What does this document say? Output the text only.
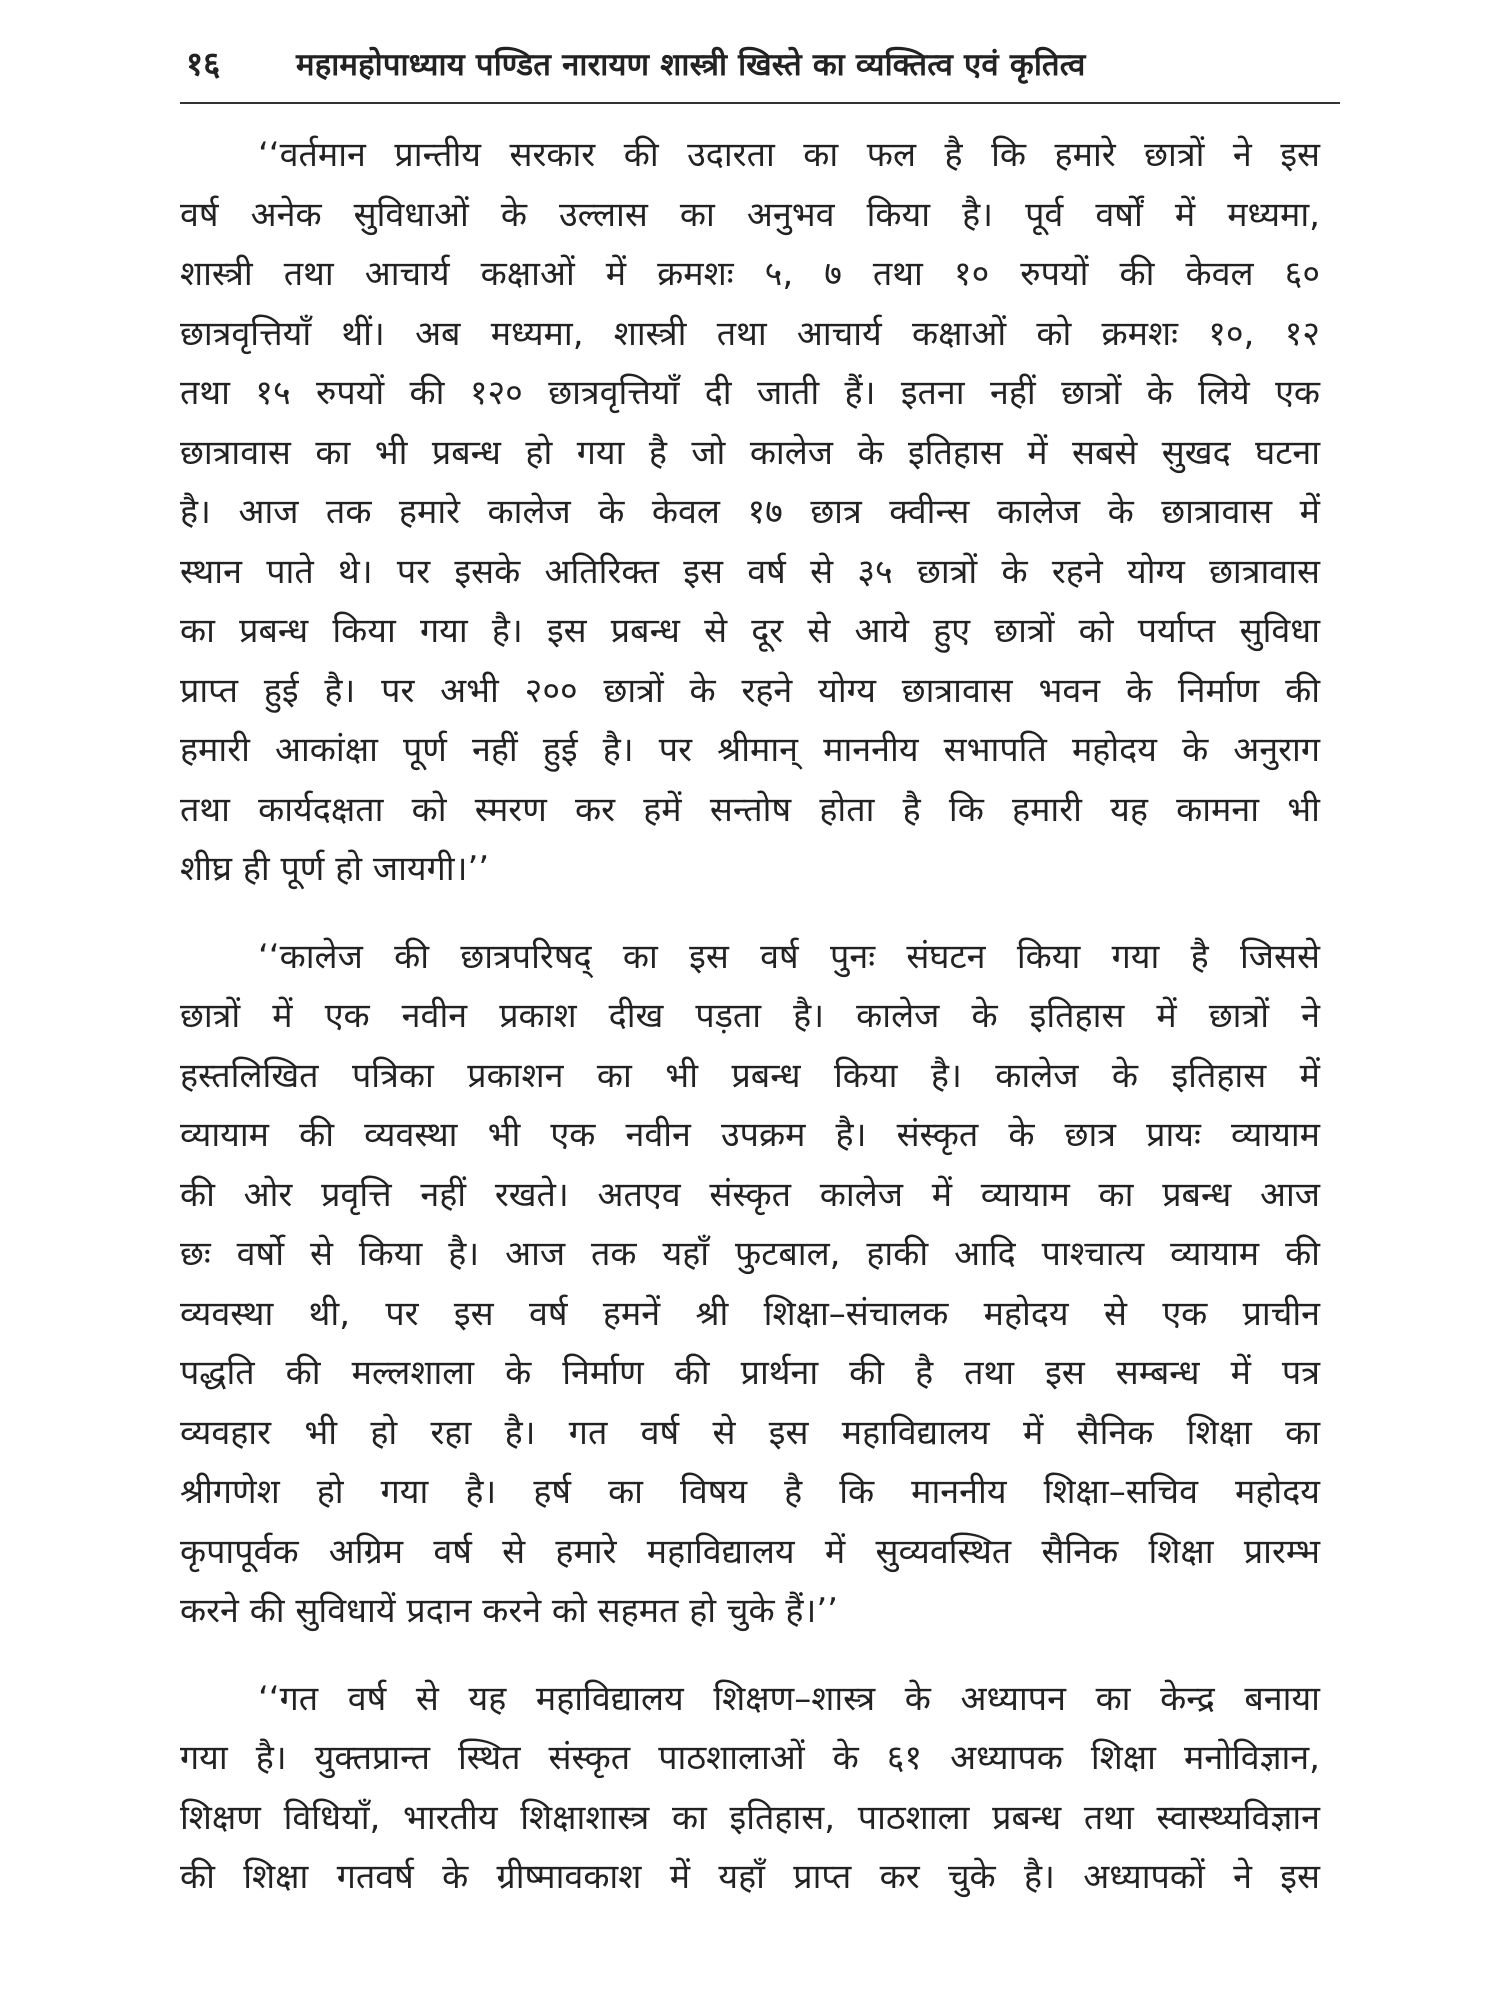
१६	महामहोपाध्याय पण्डित नारायण शास्त्री खिस्ते का व्यक्तित्व एवं कृतित्व
‘‘वर्तमान प्रान्तीय सरकार की उदारता का फल है कि हमारे छात्रों ने इस
वर्ष अनेक सुविधाओं के उल्लास का अनुभव किया है। पूर्व वर्षों में मध्यमा,
शास्त्री तथा आचार्य कक्षाओं में क्रमशः ५, ७ तथा १० रुपयों की केवल ६०
छात्रवृत्तियाँ थीं। अब मध्यमा, शास्त्री तथा आचार्य कक्षाओं को क्रमशः १०, १२
तथा १५ रुपयों की १२० छात्रवृत्तियाँ दी जाती हैं। इतना नहीं छात्रों के लिये एक
छात्रावास का भी प्रबन्ध हो गया है जो कालेज के इतिहास में सबसे सुखद घटना
है। आज तक हमारे कालेज के केवल १७ छात्र क्वीन्स कालेज के छात्रावास में
स्थान पाते थे। पर इसके अतिरिक्त इस वर्ष से ३५ छात्रों के रहने योग्य छात्रावास
का प्रबन्ध किया गया है। इस प्रबन्ध से दूर से आये हुए छात्रों को पर्याप्त सुविधा
प्राप्त हुई है। पर अभी २०० छात्रों के रहने योग्य छात्रावास भवन के निर्माण की
हमारी आकांक्षा पूर्ण नहीं हुई है। पर श्रीमान् माननीय सभापति महोदय के अनुराग
तथा कार्यदक्षता को स्मरण कर हमें सन्तोष होता है कि हमारी यह कामना भी
शीघ्र ही पूर्ण हो जायगी।’’
‘‘कालेज की छात्रपरिषद् का इस वर्ष पुनः संघटन किया गया है जिससे
छात्रों में एक नवीन प्रकाश दीख पड़ता है। कालेज के इतिहास में छात्रों ने
हस्तलिखित पत्रिका प्रकाशन का भी प्रबन्ध किया है। कालेज के इतिहास में
व्यायाम की व्यवस्था भी एक नवीन उपक्रम है। संस्कृत के छात्र प्रायः व्यायाम
की ओर प्रवृत्ति नहीं रखते। अतएव संस्कृत कालेज में व्यायाम का प्रबन्ध आज
छः वर्षो से किया है। आज तक यहाँ फुटबाल, हाकी आदि पाश्चात्य व्यायाम की
व्यवस्था थी, पर इस वर्ष हमनें श्री शिक्षा–संचालक महोदय से एक प्राचीन
पद्धति की मल्लशाला के निर्माण की प्रार्थना की है तथा इस सम्बन्ध में पत्र
व्यवहार भी हो रहा है। गत वर्ष से इस महाविद्यालय में सैनिक शिक्षा का
श्रीगणेश हो गया है। हर्ष का विषय है कि माननीय शिक्षा–सचिव महोदय
कृपापूर्वक अग्रिम वर्ष से हमारे महाविद्यालय में सुव्यवस्थित सैनिक शिक्षा प्रारम्भ
करने की सुविधायें प्रदान करने को सहमत हो चुके हैं।’’
‘‘गत वर्ष से यह महाविद्यालय शिक्षण–शास्त्र के अध्यापन का केन्द्र बनाया
गया है। युक्तप्रान्त स्थित संस्कृत पाठशालाओं के ६१ अध्यापक शिक्षा मनोविज्ञान,
शिक्षण विधियाँ, भारतीय शिक्षाशास्त्र का इतिहास, पाठशाला प्रबन्ध तथा स्वास्थ्यविज्ञान
की शिक्षा गतवर्ष के ग्रीष्मावकाश में यहाँ प्राप्त कर चुके है। अध्यापकों ने इस
